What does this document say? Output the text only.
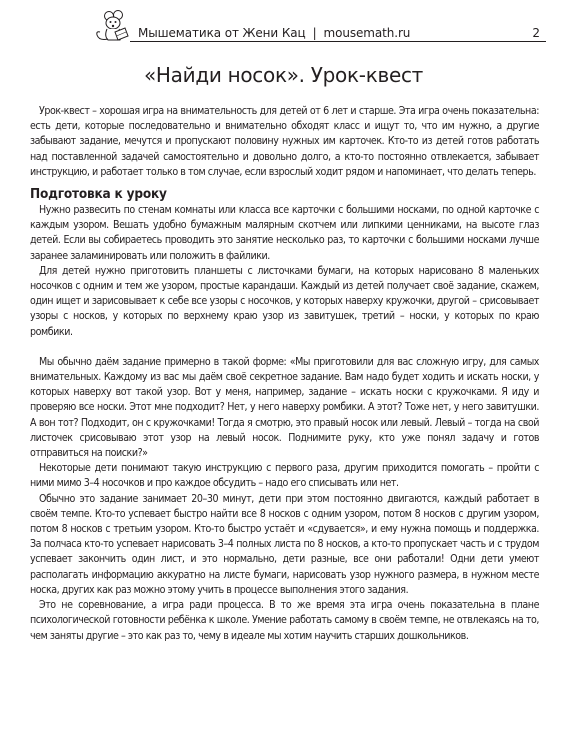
Мышематика от Жени Кац | mousemath.ru	2
«Найди носок». Урок-квест

Урок-квест – хорошая игра на внимательность для детей от 6 лет и старше. Эта игра очень показательна: есть дети, которые последовательно и внимательно обходят класс и ищут то, что им нужно, а другие забывают задание, мечутся и пропускают половину нужных им карточек. Кто-то из детей готов работать над поставленной задачей самостоятельно и довольно долго, а кто-то постоянно отвлекается, забывает инструкцию, и работает только в том случае, если взрослый ходит рядом и напоминает, что делать теперь.

Подготовка к уроку

Нужно развесить по стенам комнаты или класса все карточки с большими носками, по одной карточке с каждым узором. Вешать удобно бумажным малярным скотчем или липкими ценниками, на высоте глаз детей. Если вы собираетесь проводить это занятие несколько раз, то карточки с большими носками лучше заранее заламинировать или положить в файлики.

Для детей нужно приготовить планшеты с листочками бумаги, на которых нарисовано 8 маленьких носочков с одним и тем же узором, простые карандаши. Каждый из детей получает своё задание, скажем, один ищет и зарисовывает к себе все узоры с носочков, у которых наверху кружочки, другой – срисовывает узоры с носков, у которых по верхнему краю узор из завитушек, третий – носки, у которых по краю ромбики.

Мы обычно даём задание примерно в такой форме: «Мы приготовили для вас сложную игру, для самых внимательных. Каждому из вас мы даём своё секретное задание. Вам надо будет ходить и искать носки, у которых наверху вот такой узор. Вот у меня, например, задание – искать носки с кружочками. Я иду и проверяю все носки. Этот мне подходит? Нет, у него наверху ромбики. А этот? Тоже нет, у него завитушки. А вон тот? Подходит, он с кружочками! Тогда я смотрю, это правый носок или левый. Левый – тогда на свой листочек срисовываю этот узор на левый носок. Поднимите руку, кто уже понял задачу и готов отправиться на поиски?»

Некоторые дети понимают такую инструкцию с первого раза, другим приходится помогать – пройти с ними мимо 3–4 носочков и про каждое обсудить – надо его списывать или нет.

Обычно это задание занимает 20–30 минут, дети при этом постоянно двигаются, каждый работает в своём темпе. Кто-то успевает быстро найти все 8 носков с одним узором, потом 8 носков с другим узором, потом 8 носков с третьим узором. Кто-то быстро устаёт и «сдувается», и ему нужна помощь и поддержка. За полчаса кто-то успевает нарисовать 3–4 полных листа по 8 носков, а кто-то пропускает часть и с трудом успевает закончить один лист, и это нормально, дети разные, все они работали! Одни дети умеют располагать информацию аккуратно на листе бумаги, нарисовать узор нужного размера, в нужном месте носка, других как раз можно этому учить в процессе выполнения этого задания.

Это не соревнование, а игра ради процесса. В то же время эта игра очень показательна в плане психологической готовности ребёнка к школе. Умение работать самому в своём темпе, не отвлекаясь на то, чем заняты другие – это как раз то, чему в идеале мы хотим научить старших дошкольников.
